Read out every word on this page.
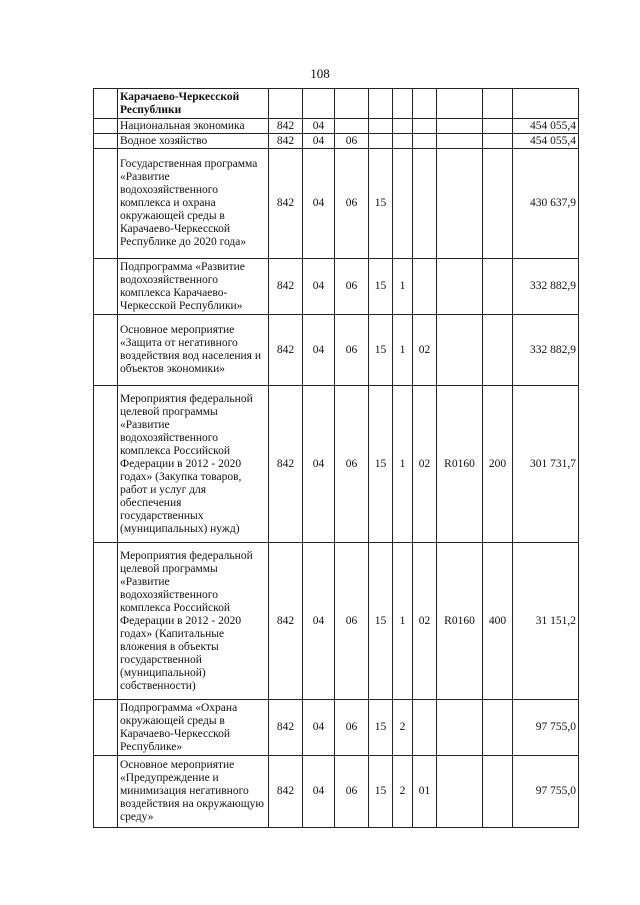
108
	Карачаево-Черкесской Республики									
	Национальная экономика	842	04							454 055,4
	Водное хозяйство	842	04	06						454 055,4
	Государственная программа «Развитие водохозяйственного комплекса и охрана окружающей среды в Карачаево-Черкесской Республике до 2020 года»	842	04	06	15					430 637,9
	Подпрограмма «Развитие водохозяйственного комплекса Карачаево-Черкесской Республики»	842	04	06	15	1				332 882,9
	Основное мероприятие «Защита от негативного воздействия вод населения и объектов экономики»	842	04	06	15	1	02			332 882,9
	Мероприятия федеральной целевой программы «Развитие водохозяйственного комплекса Российской Федерации в 2012 - 2020 годах» (Закупка товаров, работ и услуг для обеспечения государственных (муниципальных) нужд)	842	04	06	15	1	02	R0160	200	301 731,7
	Мероприятия федеральной целевой программы «Развитие водохозяйственного комплекса Российской Федерации в 2012 - 2020 годах» (Капитальные вложения в объекты государственной (муниципальной) собственности)	842	04	06	15	1	02	R0160	400	31 151,2
	Подпрограмма «Охрана окружающей среды в Карачаево-Черкесской Республике»	842	04	06	15	2				97 755,0
	Основное мероприятие «Предупреждение и минимизация негативного воздействия на окружающую среду»	842	04	06	15	2	01			97 755,0
